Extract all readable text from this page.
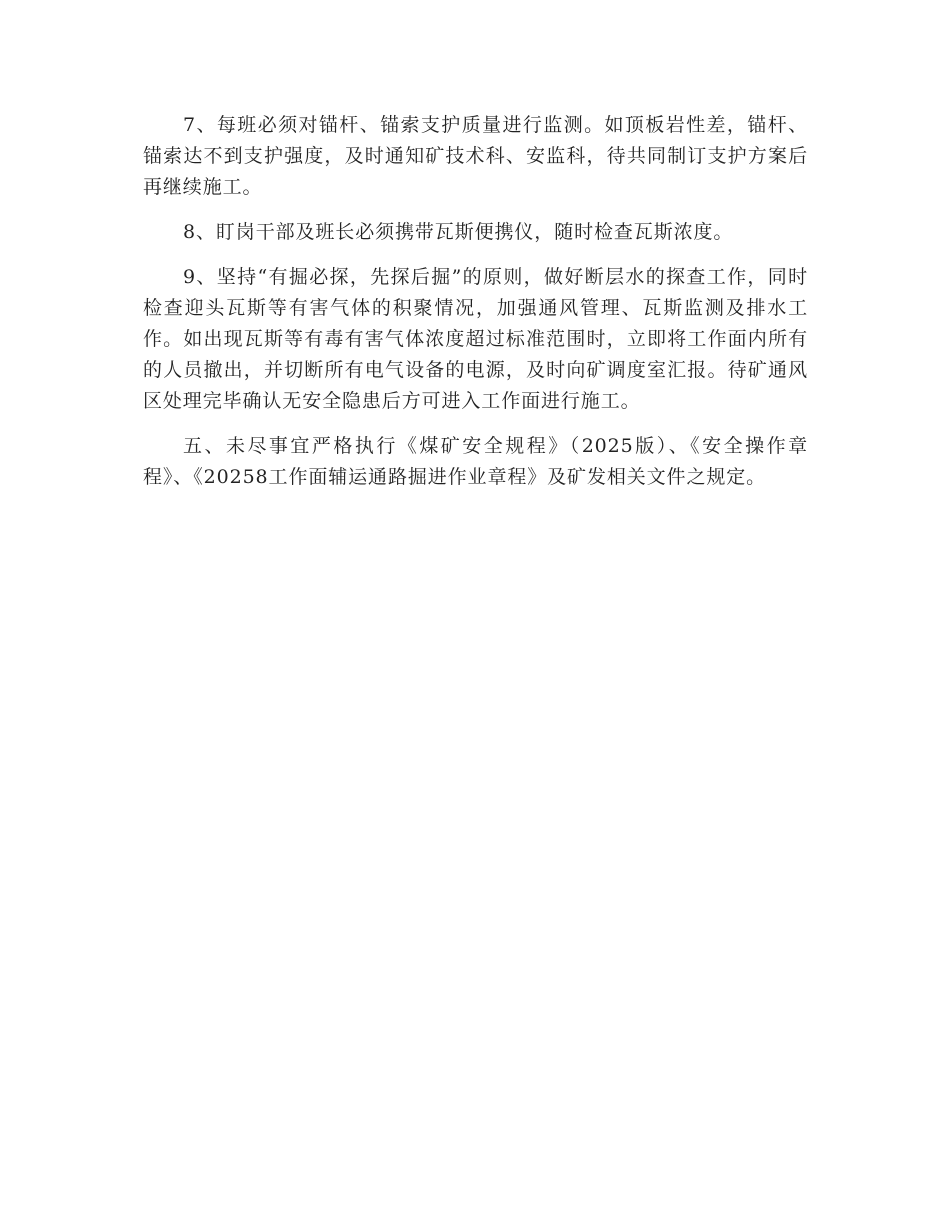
7、每班必须对锚杆、锚索支护质量进行监测。如顶板岩性差，锚杆、锚索达不到支护强度，及时通知矿技术科、安监科，待共同制订支护方案后再继续施工。

8、盯岗干部及班长必须携带瓦斯便携仪，随时检查瓦斯浓度。

9、坚持“有掘必探，先探后掘”的原则，做好断层水的探查工作，同时检查迎头瓦斯等有害气体的积聚情况，加强通风管理、瓦斯监测及排水工作。如出现瓦斯等有毒有害气体浓度超过标准范围时，立即将工作面内所有的人员撤出，并切断所有电气设备的电源，及时向矿调度室汇报。待矿通风区处理完毕确认无安全隐患后方可进入工作面进行施工。

五、未尽事宜严格执行《煤矿安全规程》（2025版）、《安全操作章程》、《20258工作面辅运通路掘进作业章程》及矿发相关文件之规定。
